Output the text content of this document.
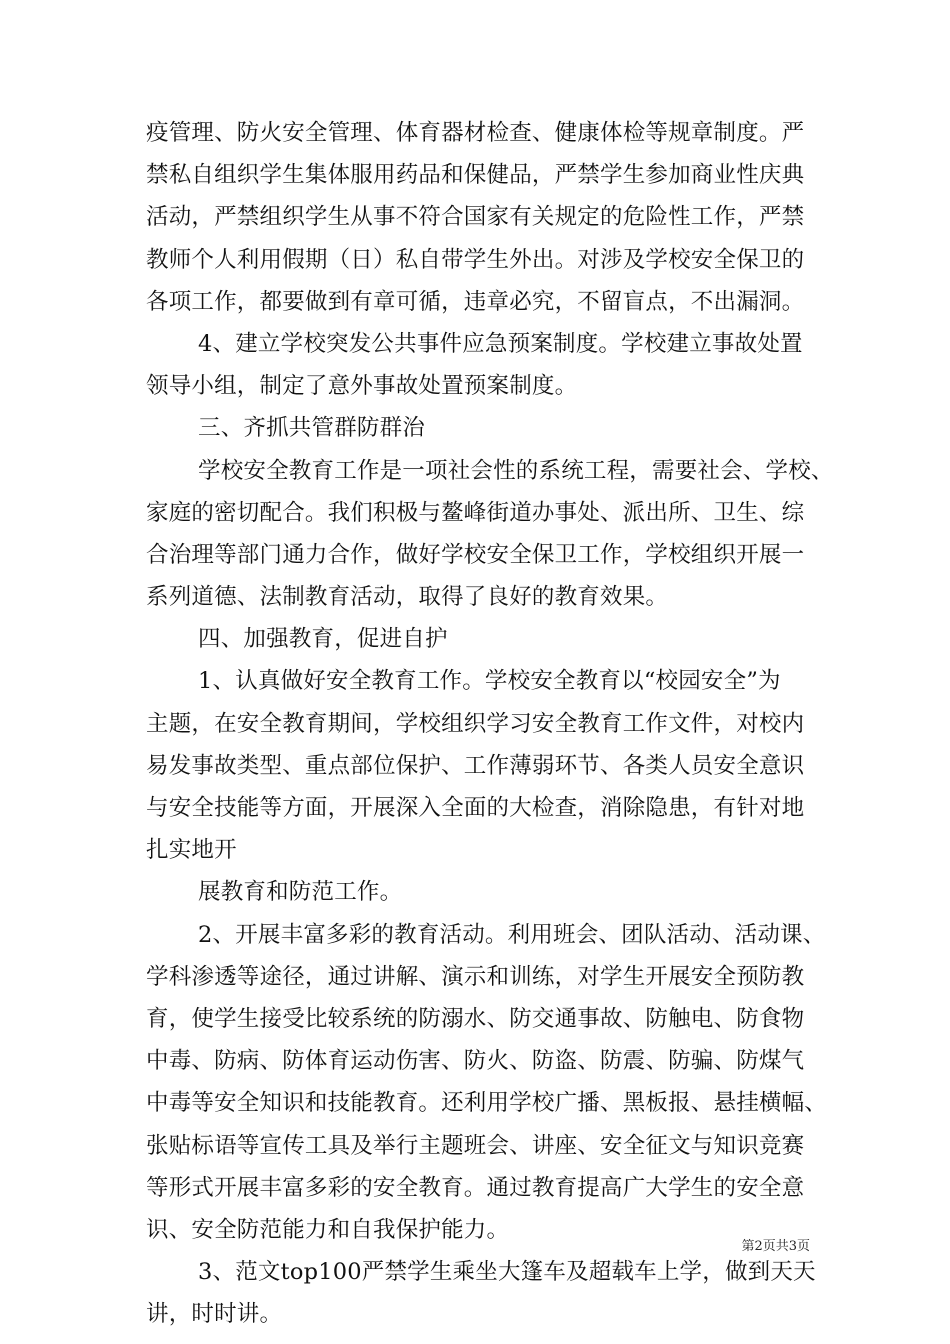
疫管理、防火安全管理、体育器材检查、健康体检等规章制度。严
禁私自组织学生集体服用药品和保健品，严禁学生参加商业性庆典
活动，严禁组织学生从事不符合国家有关规定的危险性工作，严禁
教师个人利用假期（日）私自带学生外出。对涉及学校安全保卫的
各项工作，都要做到有章可循，违章必究，不留盲点，不出漏洞。
4、建立学校突发公共事件应急预案制度。学校建立事故处置
领导小组，制定了意外事故处置预案制度。
三、齐抓共管群防群治
学校安全教育工作是一项社会性的系统工程，需要社会、学校、
家庭的密切配合。我们积极与鳌峰街道办事处、派出所、卫生、综
合治理等部门通力合作，做好学校安全保卫工作，学校组织开展一
系列道德、法制教育活动，取得了良好的教育效果。
四、加强教育，促进自护
1、认真做好安全教育工作。学校安全教育以“校园安全”为
主题，在安全教育期间，学校组织学习安全教育工作文件，对校内
易发事故类型、重点部位保护、工作薄弱环节、各类人员安全意识
与安全技能等方面，开展深入全面的大检查，消除隐患，有针对地
扎实地开
展教育和防范工作。
2、开展丰富多彩的教育活动。利用班会、团队活动、活动课、
学科渗透等途径，通过讲解、演示和训练，对学生开展安全预防教
育，使学生接受比较系统的防溺水、防交通事故、防触电、防食物
中毒、防病、防体育运动伤害、防火、防盗、防震、防骗、防煤气
中毒等安全知识和技能教育。还利用学校广播、黑板报、悬挂横幅、
张贴标语等宣传工具及举行主题班会、讲座、安全征文与知识竞赛
等形式开展丰富多彩的安全教育。通过教育提高广大学生的安全意
识、安全防范能力和自我保护能力。
3、范文top100严禁学生乘坐大篷车及超载车上学，做到天天
讲，时时讲。
第2页共3页
